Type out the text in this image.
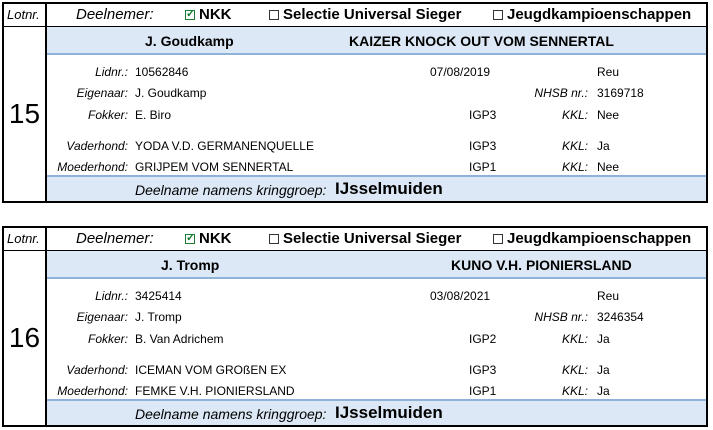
Lotnr.	Deelnemer: ✓	NKK	Selectie Universal Sieger	Jeugdkampioenschappen
15
J. Goudkamp	KAIZER KNOCK OUT VOM SENNERTAL
Lidnr.: 10562846	07/08/2019	Reu
Eigenaar: J. Goudkamp	NHSB nr.: 3169718
Fokker: E. Biro	IGP3	KKL: Nee
Vaderhond: YODA V.D. GERMANENQUELLE	IGP3	KKL: Ja
Moederhond: GRIJPEM VOM SENNERTAL	IGP1	KKL: Nee
Deelname namens kringgroep: IJsselmuiden
Lotnr.	Deelnemer: ✓	NKK	Selectie Universal Sieger	Jeugdkampioenschappen
16
J. Tromp	KUNO V.H. PIONIERSLAND
Lidnr.: 3425414	03/08/2021	Reu
Eigenaar: J. Tromp	NHSB nr.: 3246354
Fokker: B. Van Adrichem	IGP2	KKL: Ja
Vaderhond: ICEMAN VOM GROßEN EX	IGP3	KKL: Ja
Moederhond: FEMKE V.H. PIONIERSLAND	IGP1	KKL: Ja
Deelname namens kringgroep: IJsselmuiden
